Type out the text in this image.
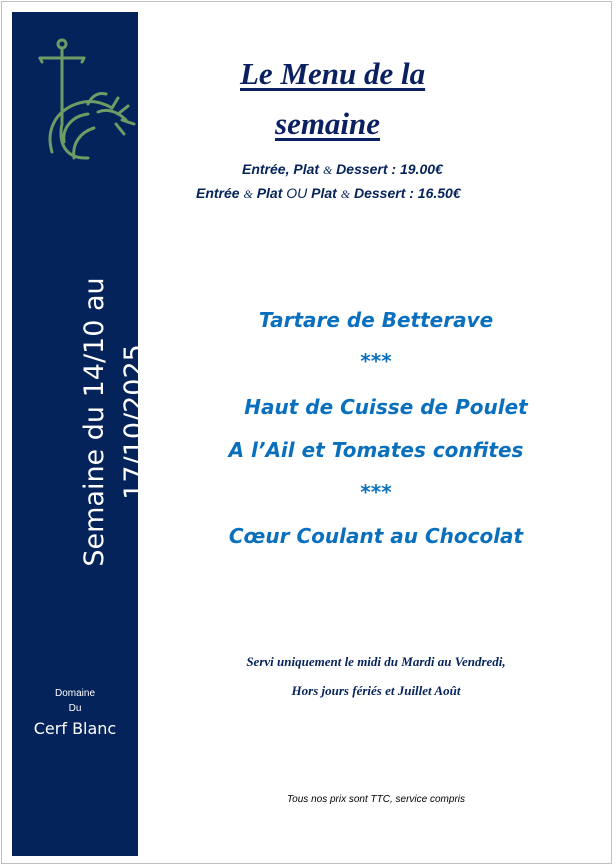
Semaine du 14/10 au 17/10/2025
Domaine
Du
Cerf Blanc
Le Menu de la
semaine
Entrée, Plat & Dessert : 19.00€
Entrée & Plat OU Plat & Dessert : 16.50€
Tartare de Betterave
***
Haut de Cuisse de Poulet
A l’Ail et Tomates confites
***
Cœur Coulant au Chocolat
Servi uniquement le midi du Mardi au Vendredi,
Hors jours fériés et Juillet Août
Tous nos prix sont TTC, service compris
